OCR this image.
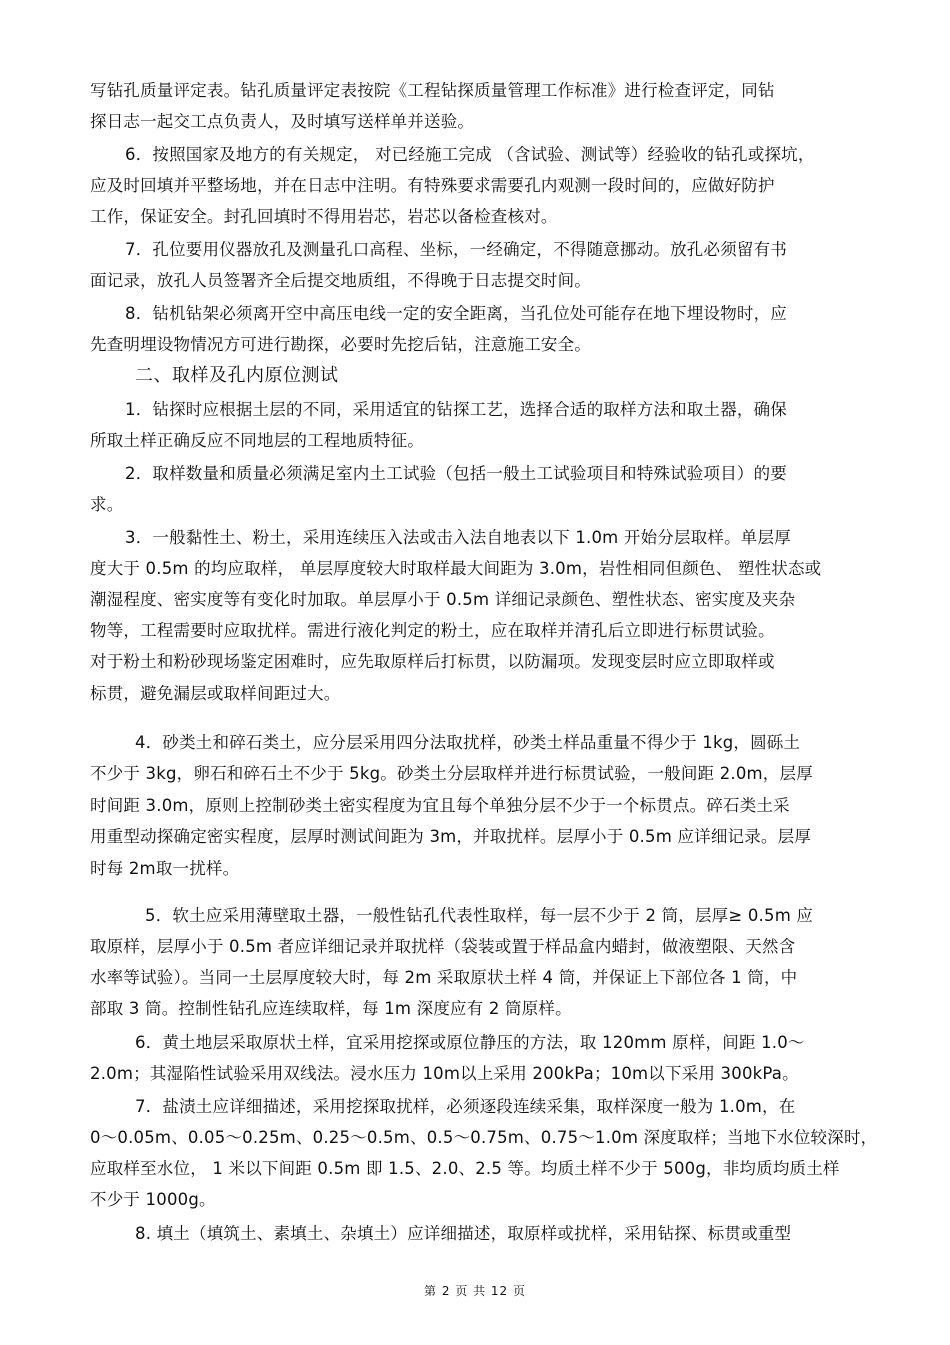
写钻孔质量评定表。钻孔质量评定表按院《工程钻探质量管理工作标准》进行检查评定，同钻
探日志一起交工点负责人，及时填写送样单并送验。
6．按照国家及地方的有关规定， 对已经施工完成 （含试验、测试等）经验收的钻孔或探坑，
应及时回填并平整场地，并在日志中注明。有特殊要求需要孔内观测一段时间的，应做好防护
工作，保证安全。封孔回填时不得用岩芯，岩芯以备检查核对。
7．孔位要用仪器放孔及测量孔口高程、坐标，一经确定，不得随意挪动。放孔必须留有书
面记录，放孔人员签署齐全后提交地质组，不得晚于日志提交时间。
8．钻机钻架必须离开空中高压电线一定的安全距离，当孔位处可能存在地下埋设物时，应
先查明埋设物情况方可进行勘探，必要时先挖后钻，注意施工安全。
二、取样及孔内原位测试
1．钻探时应根据土层的不同，采用适宜的钻探工艺，选择合适的取样方法和取土器，确保
所取土样正确反应不同地层的工程地质特征。
2．取样数量和质量必须满足室内土工试验（包括一般土工试验项目和特殊试验项目）的要
求。
3．一般黏性土、粉土，采用连续压入法或击入法自地表以下 1.0m 开始分层取样。单层厚
度大于 0.5m 的均应取样， 单层厚度较大时取样最大间距为 3.0m，岩性相同但颜色、 塑性状态或
潮湿程度、密实度等有变化时加取。单层厚小于 0.5m 详细记录颜色、塑性状态、密实度及夹杂
物等，工程需要时应取扰样。需进行液化判定的粉土，应在取样并清孔后立即进行标贯试验。
对于粉土和粉砂现场鉴定困难时，应先取原样后打标贯，以防漏项。发现变层时应立即取样或
标贯，避免漏层或取样间距过大。
4．砂类土和碎石类土，应分层采用四分法取扰样，砂类土样品重量不得少于 1kg，圆砾土
不少于 3kg，卵石和碎石土不少于 5kg。砂类土分层取样并进行标贯试验，一般间距 2.0m，层厚
时间距 3.0m，原则上控制砂类土密实程度为宜且每个单独分层不少于一个标贯点。碎石类土采
用重型动探确定密实程度，层厚时测试间距为 3m，并取扰样。层厚小于 0.5m 应详细记录。层厚
时每 2m取一扰样。
5．软土应采用薄壁取土器，一般性钻孔代表性取样，每一层不少于 2 筒，层厚≥ 0.5m 应
取原样，层厚小于 0.5m 者应详细记录并取扰样（袋装或置于样品盒内蜡封，做液塑限、天然含
水率等试验）。当同一土层厚度较大时，每 2m 采取原状土样 4 筒，并保证上下部位各 1 筒，中
部取 3 筒。控制性钻孔应连续取样，每 1m 深度应有 2 筒原样。
6．黄土地层采取原状土样，宜采用挖探或原位静压的方法，取 120mm 原样，间距 1.0～
2.0m；其湿陷性试验采用双线法。浸水压力 10m以上采用 200kPa；10m以下采用 300kPa。
7．盐渍土应详细描述，采用挖探取扰样，必须逐段连续采集，取样深度一般为 1.0m，在
0～0.05m、0.05～0.25m、0.25～0.5m、0.5～0.75m、0.75～1.0m 深度取样；当地下水位较深时，
应取样至水位， 1 米以下间距 0.5m 即 1.5、2.0、2.5 等。均质土样不少于 500g，非均质均质土样
不少于 1000g。
8. 填土（填筑土、素填土、杂填土）应详细描述，取原样或扰样，采用钻探、标贯或重型
第 2 页 共 12 页
